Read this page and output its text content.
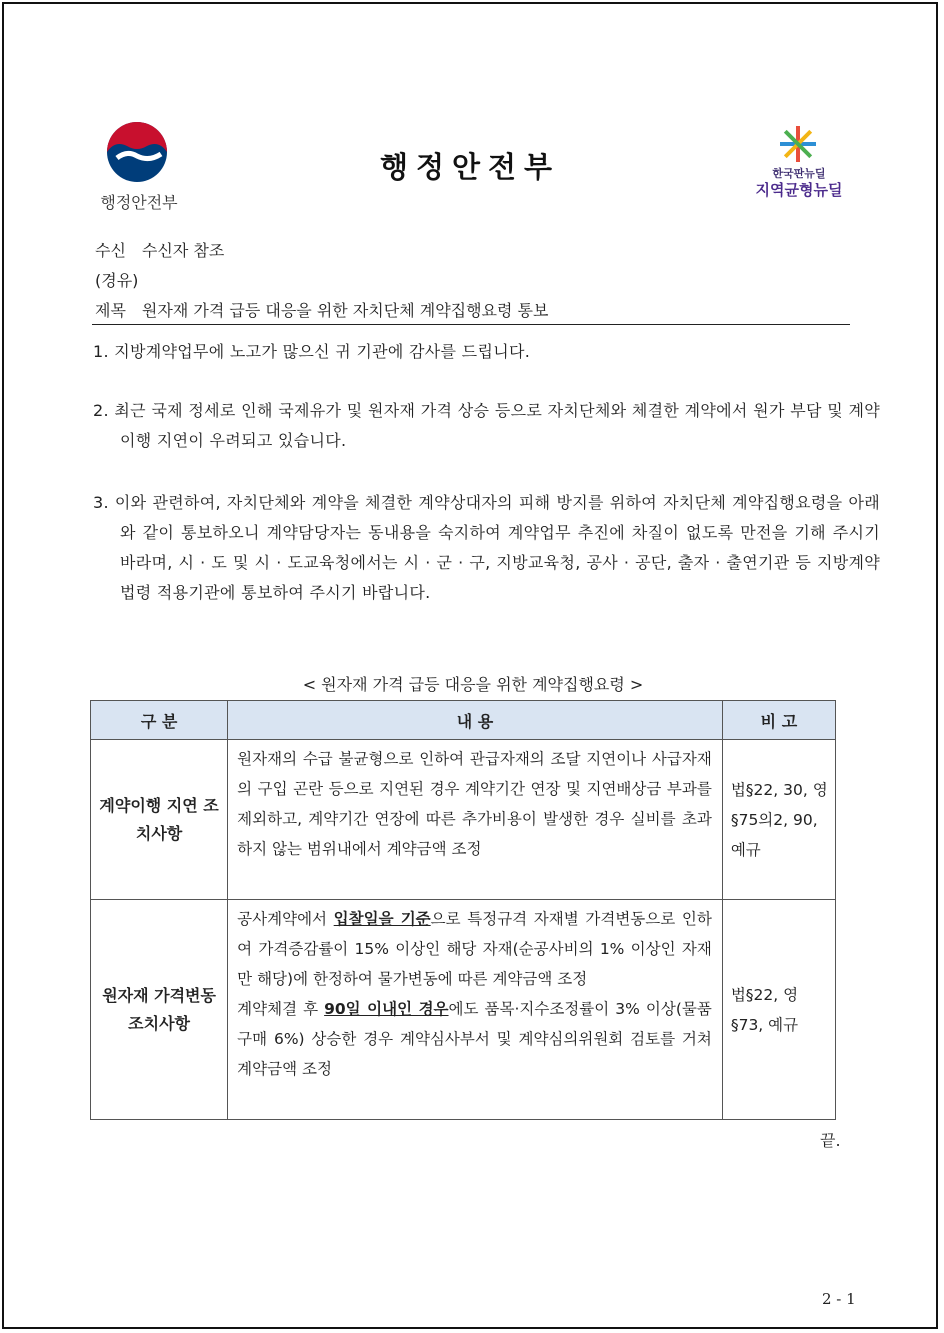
행정안전부
행정안전부	한국판뉴딜
지역균형뉴딜
수신 수신자 참조
(경유)
제목 원자재 가격 급등 대응을 위한 자치단체 계약집행요령 통보
1. 지방계약업무에 노고가 많으신 귀 기관에 감사를 드립니다.
2. 최근 국제 정세로 인해 국제유가 및 원자재 가격 상승 등으로 자치단체와 체결한 계약에서 원가 부담 및 계약이행 지연이 우려되고 있습니다.
3. 이와 관련하여, 자치단체와 계약을 체결한 계약상대자의 피해 방지를 위하여 자치단체 계약집행요령을 아래와 같이 통보하오니 계약담당자는 동내용을 숙지하여 계약업무 추진에 차질이 없도록 만전을 기해 주시기 바라며, 시 · 도 및 시 · 도교육청에서는 시 · 군 · 구, 지방교육청, 공사 · 공단, 출자 · 출연기관 등 지방계약법령 적용기관에 통보하여 주시기 바랍니다.
< 원자재 가격 급등 대응을 위한 계약집행요령 >
구 분	내 용	비 고
계약이행 지연 조치사항	원자재의 수급 불균형으로 인하여 관급자재의 조달 지연이나 사급자재의 구입 곤란 등으로 지연된 경우 계약기간 연장 및 지연배상금 부과를 제외하고, 계약기간 연장에 따른 추가비용이 발생한 경우 실비를 초과하지 않는 범위내에서 계약금액 조정	법§22, 30, 영§75의2, 90, 예규
원자재 가격변동 조치사항	공사계약에서 입찰일을 기준으로 특정규격 자재별 가격변동으로 인하여 가격증감률이 15% 이상인 해당 자재(순공사비의 1% 이상인 자재만 해당)에 한정하여 물가변동에 따른 계약금액 조정
계약체결 후 90일 이내인 경우에도 품목·지수조정률이 3% 이상(물품구매 6%) 상승한 경우 계약심사부서 및 계약심의위원회 검토를 거쳐 계약금액 조정	법§22, 영§73, 예규
끝.
2 - 1
